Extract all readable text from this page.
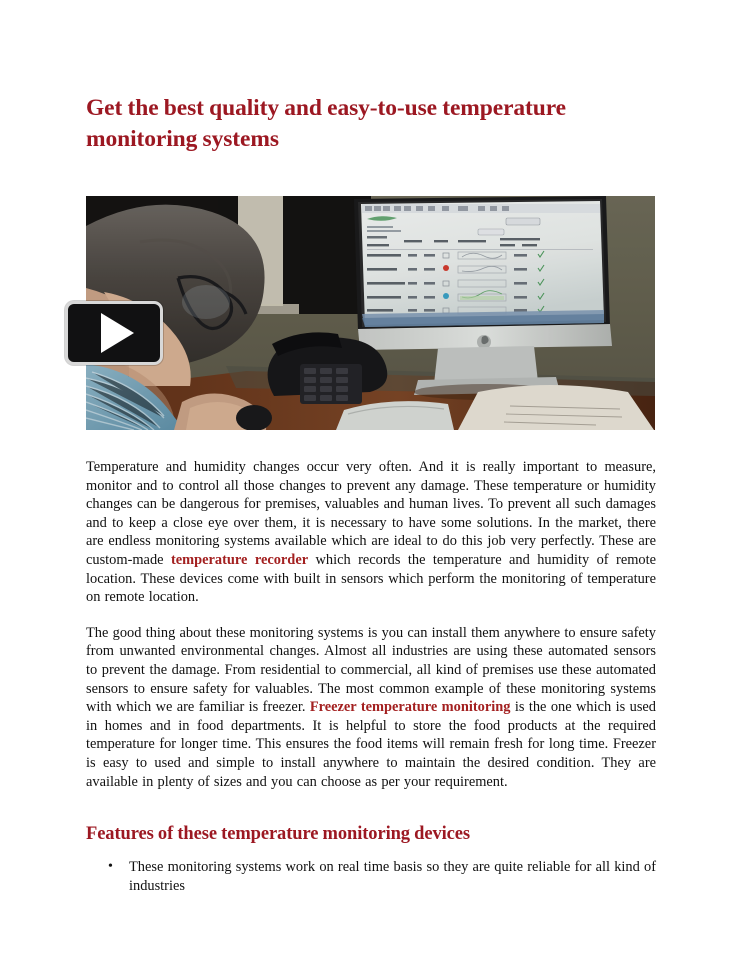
Get the best quality and easy-to-use temperature monitoring systems

Temperature and humidity changes occur very often. And it is really important to measure, monitor and to control all those changes to prevent any damage. These temperature or humidity changes can be dangerous for premises, valuables and human lives. To prevent all such damages and to keep a close eye over them, it is necessary to have some solutions. In the market, there are endless monitoring systems available which are ideal to do this job very perfectly. These are custom-made temperature recorder which records the temperature and humidity of remote location. These devices come with built in sensors which perform the monitoring of temperature on remote location.

The good thing about these monitoring systems is you can install them anywhere to ensure safety from unwanted environmental changes. Almost all industries are using these automated sensors to prevent the damage. From residential to commercial, all kind of premises use these automated sensors to ensure safety for valuables. The most common example of these monitoring systems with which we are familiar is freezer. Freezer temperature monitoring is the one which is used in homes and in food departments. It is helpful to store the food products at the required temperature for longer time. This ensures the food items will remain fresh for long time. Freezer is easy to used and simple to install anywhere to maintain the desired condition. They are available in plenty of sizes and you can choose as per your requirement.

Features of these temperature monitoring devices
• These monitoring systems work on real time basis so they are quite reliable for all kind of industries
